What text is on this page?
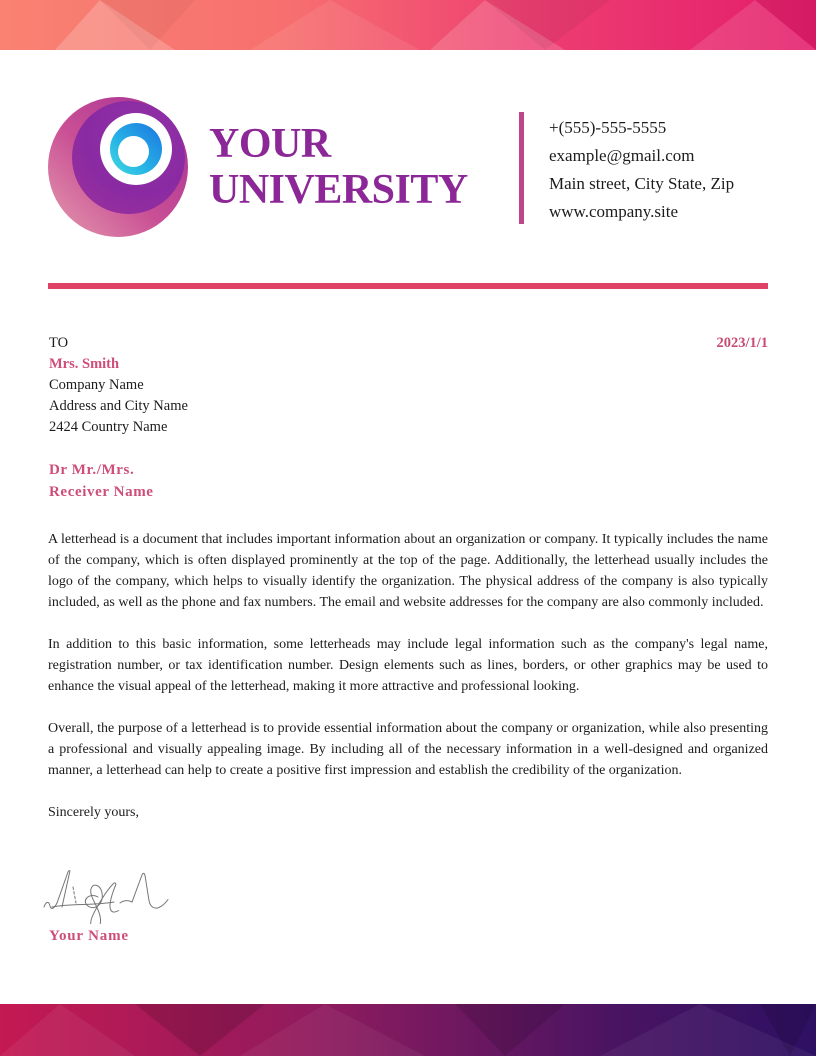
YOUR
UNIVERSITY
+(555)-555-5555
example@gmail.com
Main street, City State, Zip
www.company.site
TO
Mrs. Smith
Company Name
Address and City Name
2424 Country Name
2023/1/1
Dr Mr./Mrs.
Receiver Name

A letterhead is a document that includes important information about an organization or company. It typically includes the name of the company, which is often displayed prominently at the top of the page. Additionally, the letterhead usually includes the logo of the company, which helps to visually identify the organization. The physical address of the company is also typically included, as well as the phone and fax numbers. The email and website addresses for the company are also commonly included.

In addition to this basic information, some letterheads may include legal information such as the company's legal name, registration number, or tax identification number. Design elements such as lines, borders, or other graphics may be used to enhance the visual appeal of the letterhead, making it more attractive and professional looking.

Overall, the purpose of a letterhead is to provide essential information about the company or organization, while also presenting a professional and visually appealing image. By including all of the necessary information in a well-designed and organized manner, a letterhead can help to create a positive first impression and establish the credibility of the organization.

Sincerely yours,

Your Name
